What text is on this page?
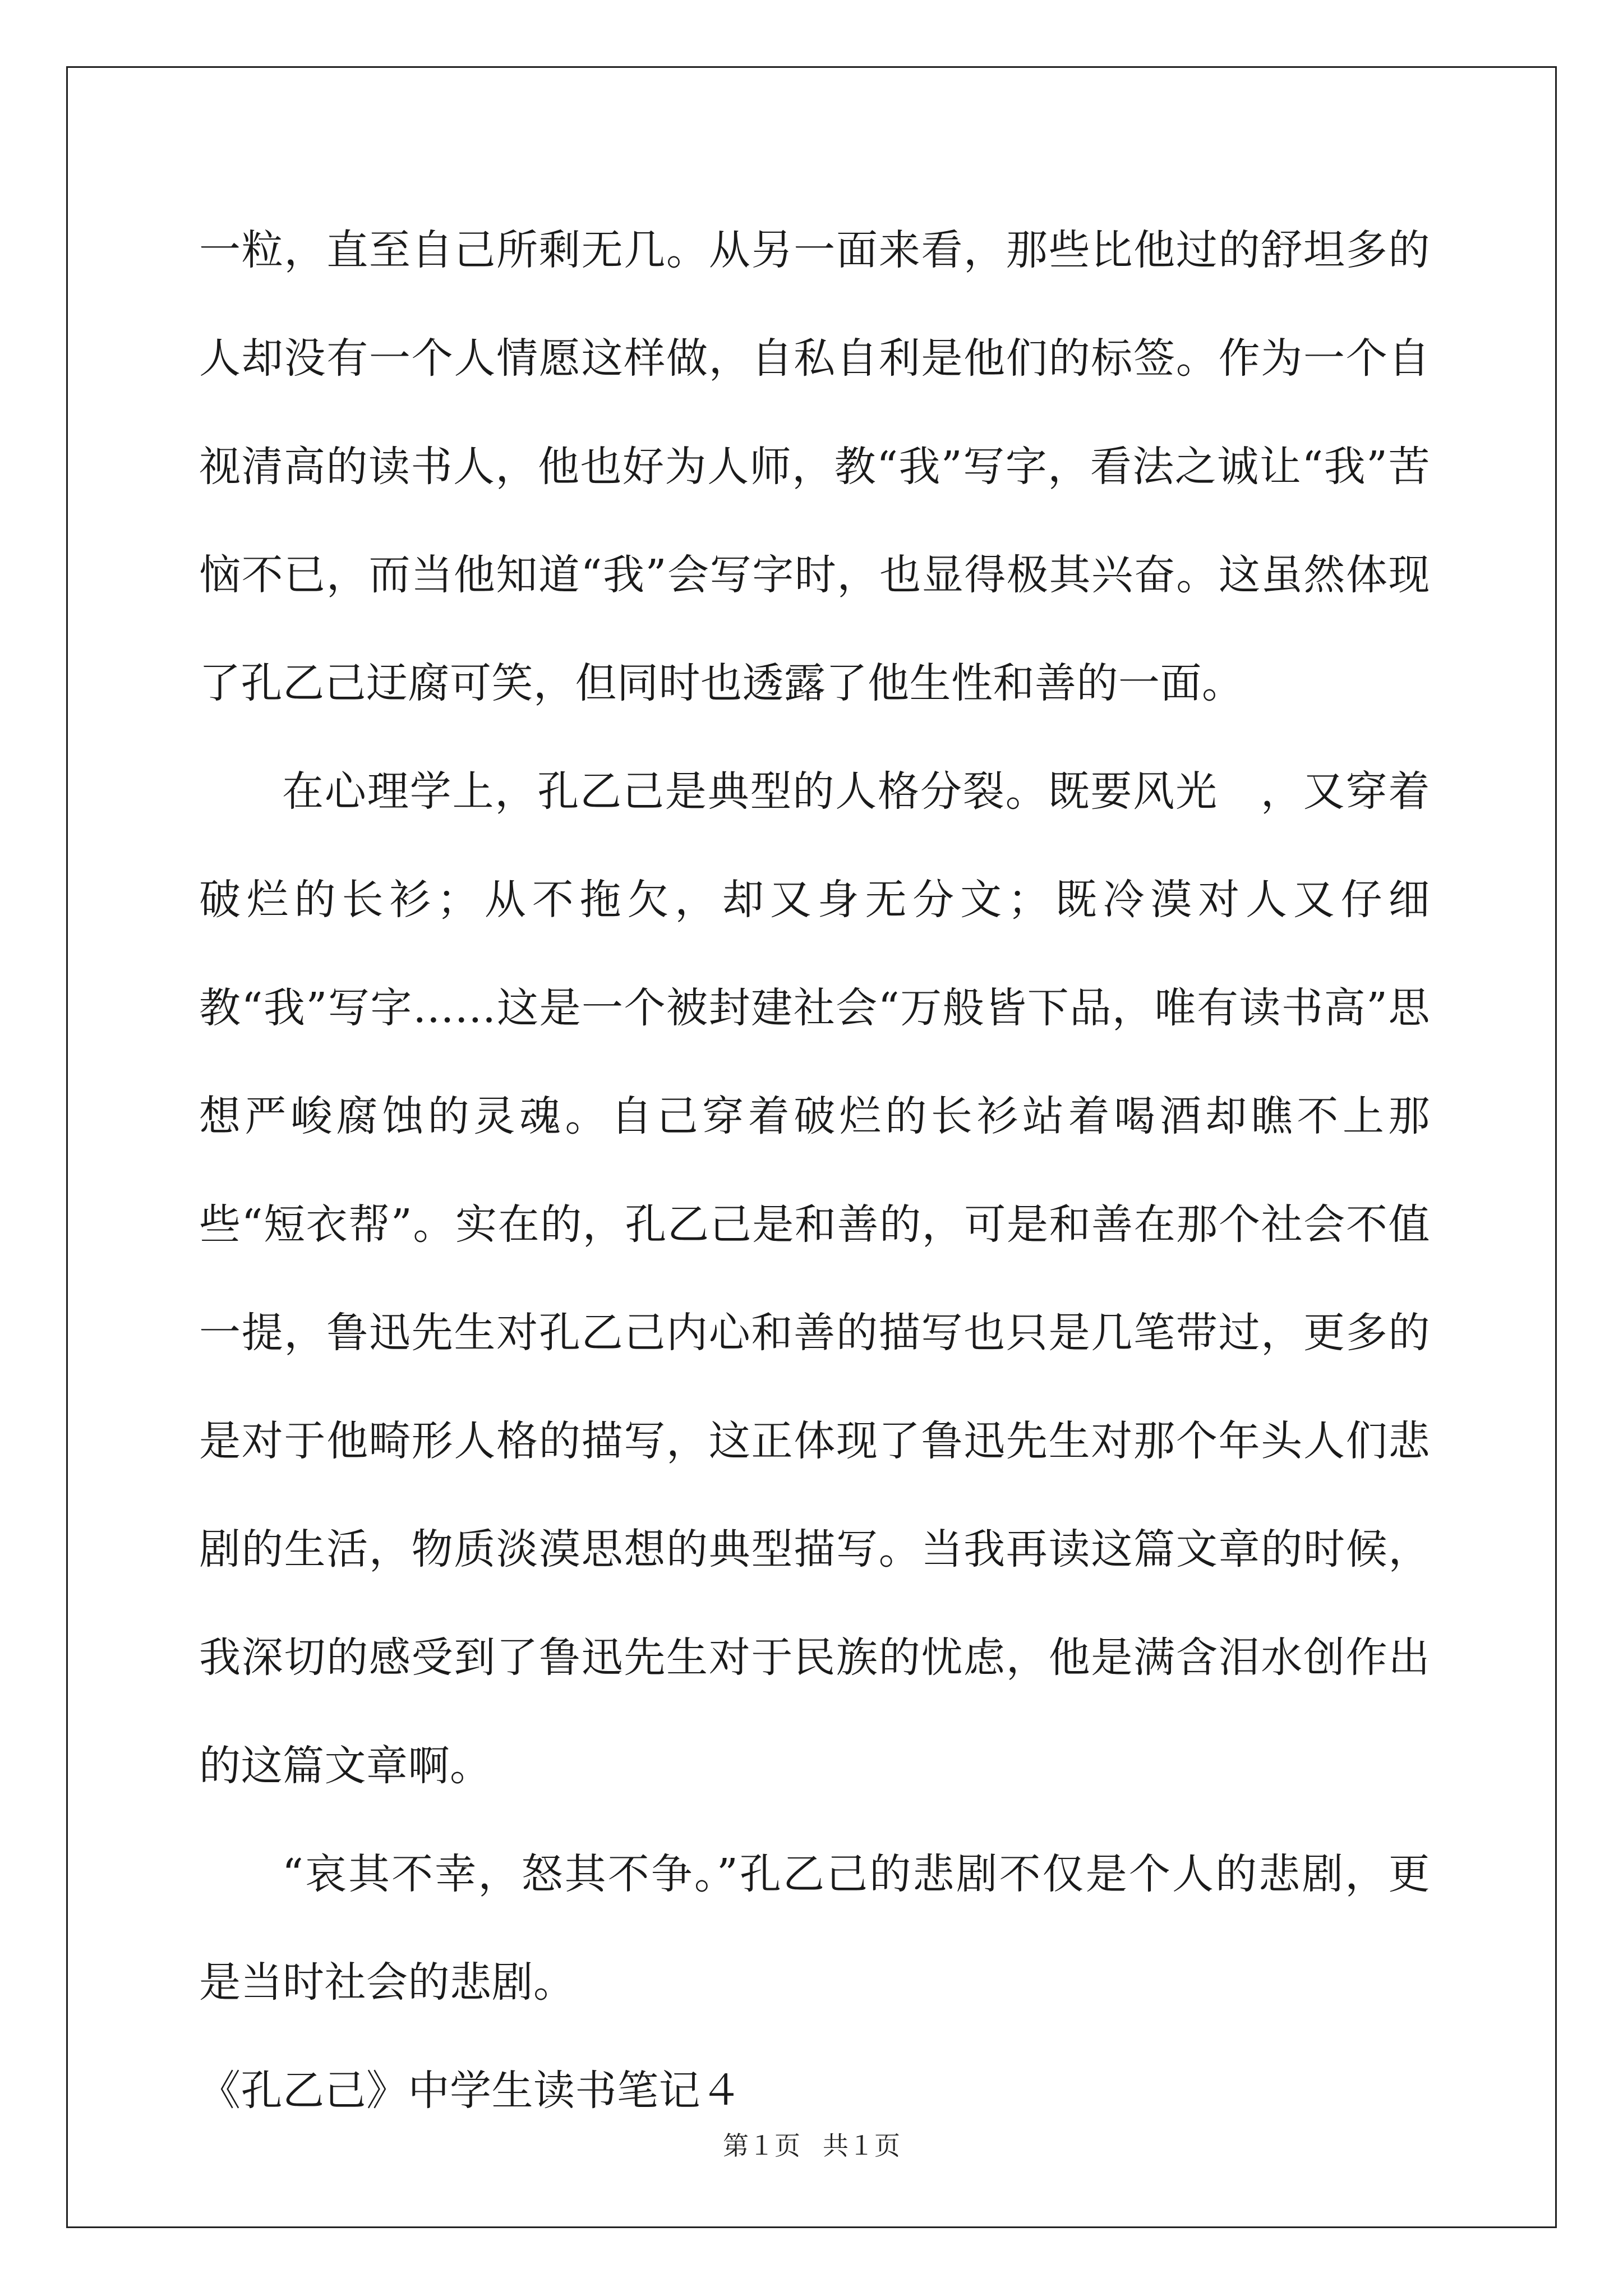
一粒，直至自己所剩无几。从另一面来看，那些比他过的舒坦多的人却没有一个人情愿这样做，自私自利是他们的标签。作为一个自视清高的读书人，他也好为人师，教“我”写字，看法之诚让“我”苦恼不已，而当他知道“我”会写字时，也显得极其兴奋。这虽然体现了孔乙己迂腐可笑，但同时也透露了他生性和善的一面。

在心理学上，孔乙己是典型的人格分裂。既要风光　，又穿着破烂的长衫；从不拖欠，却又身无分文；既冷漠对人又仔细教“我”写字……这是一个被封建社会“万般皆下品，唯有读书高”思想严峻腐蚀的灵魂。自己穿着破烂的长衫站着喝酒却瞧不上那些“短衣帮”。实在的，孔乙己是和善的，可是和善在那个社会不值一提，鲁迅先生对孔乙己内心和善的描写也只是几笔带过，更多的是对于他畸形人格的描写，这正体现了鲁迅先生对那个年头人们悲剧的生活，物质淡漠思想的典型描写。当我再读这篇文章的时候，我深切的感受到了鲁迅先生对于民族的忧虑，他是满含泪水创作出的这篇文章啊。

“哀其不幸，怒其不争。”孔乙己的悲剧不仅是个人的悲剧，更是当时社会的悲剧。

《孔乙己》中学生读书笔记４

第１页 共１页
